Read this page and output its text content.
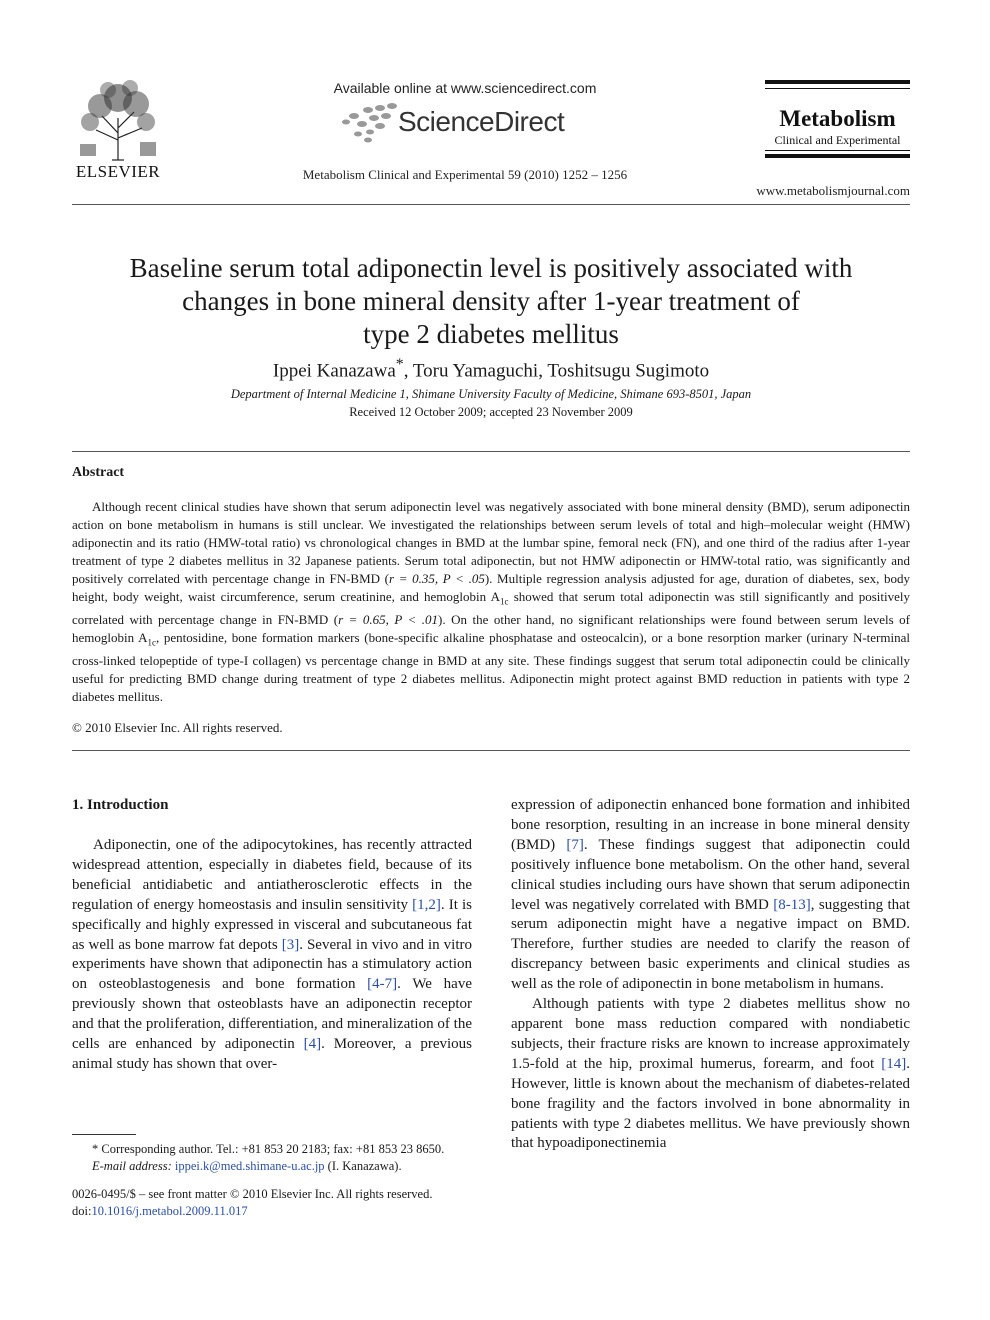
ELSEVIER
Available online at www.sciencedirect.com
ScienceDirect
Metabolism Clinical and Experimental 59 (2010) 1252 – 1256
Metabolism
Clinical and Experimental
www.metabolismjournal.com
Baseline serum total adiponectin level is positively associated with
changes in bone mineral density after 1-year treatment of
type 2 diabetes mellitus
Ippei Kanazawa*, Toru Yamaguchi, Toshitsugu Sugimoto
Department of Internal Medicine 1, Shimane University Faculty of Medicine, Shimane 693-8501, Japan
Received 12 October 2009; accepted 23 November 2009
Abstract
Although recent clinical studies have shown that serum adiponectin level was negatively associated with bone mineral density (BMD), serum adiponectin action on bone metabolism in humans is still unclear. We investigated the relationships between serum levels of total and high–molecular weight (HMW) adiponectin and its ratio (HMW-total ratio) vs chronological changes in BMD at the lumbar spine, femoral neck (FN), and one third of the radius after 1-year treatment of type 2 diabetes mellitus in 32 Japanese patients. Serum total adiponectin, but not HMW adiponectin or HMW-total ratio, was significantly and positively correlated with percentage change in FN-BMD (r = 0.35, P < .05). Multiple regression analysis adjusted for age, duration of diabetes, sex, body height, body weight, waist circumference, serum creatinine, and hemoglobin $A_{1c}$ showed that serum total adiponectin was still significantly and positively correlated with percentage change in FN-BMD (r = 0.65, P < .01). On the other hand, no significant relationships were found between serum levels of hemoglobin $A_{1c}$, pentosidine, bone formation markers (bone-specific alkaline phosphatase and osteocalcin), or a bone resorption marker (urinary N-terminal cross-linked telopeptide of type-I collagen) vs percentage change in BMD at any site. These findings suggest that serum total adiponectin could be clinically useful for predicting BMD change during treatment of type 2 diabetes mellitus. Adiponectin might protect against BMD reduction in patients with type 2 diabetes mellitus.
© 2010 Elsevier Inc. All rights reserved.
1. Introduction
Adiponectin, one of the adipocytokines, has recently attracted widespread attention, especially in diabetes field, because of its beneficial antidiabetic and antiatherosclerotic effects in the regulation of energy homeostasis and insulin sensitivity [1,2]. It is specifically and highly expressed in visceral and subcutaneous fat as well as bone marrow fat depots [3]. Several in vivo and in vitro experiments have shown that adiponectin has a stimulatory action on osteoblastogenesis and bone formation [4-7]. We have previously shown that osteoblasts have an adiponectin receptor and that the proliferation, differentiation, and mineralization of the cells are enhanced by adiponectin [4]. Moreover, a previous animal study has shown that over-

expression of adiponectin enhanced bone formation and inhibited bone resorption, resulting in an increase in bone mineral density (BMD) [7]. These findings suggest that adiponectin could positively influence bone metabolism. On the other hand, several clinical studies including ours have shown that serum adiponectin level was negatively correlated with BMD [8-13], suggesting that serum adiponectin might have a negative impact on BMD. Therefore, further studies are needed to clarify the reason of discrepancy between basic experiments and clinical studies as well as the role of adiponectin in bone metabolism in humans.

Although patients with type 2 diabetes mellitus show no apparent bone mass reduction compared with nondiabetic subjects, their fracture risks are known to increase approximately 1.5-fold at the hip, proximal humerus, forearm, and foot [14]. However, little is known about the mechanism of diabetes-related bone fragility and the factors involved in bone abnormality in patients with type 2 diabetes mellitus. We have previously shown that hypoadiponectinemia

* Corresponding author. Tel.: +81 853 20 2183; fax: +81 853 23 8650.
E-mail address: ippei.k@med.shimane-u.ac.jp (I. Kanazawa).
0026-0495/$ – see front matter © 2010 Elsevier Inc. All rights reserved.
doi:10.1016/j.metabol.2009.11.017
